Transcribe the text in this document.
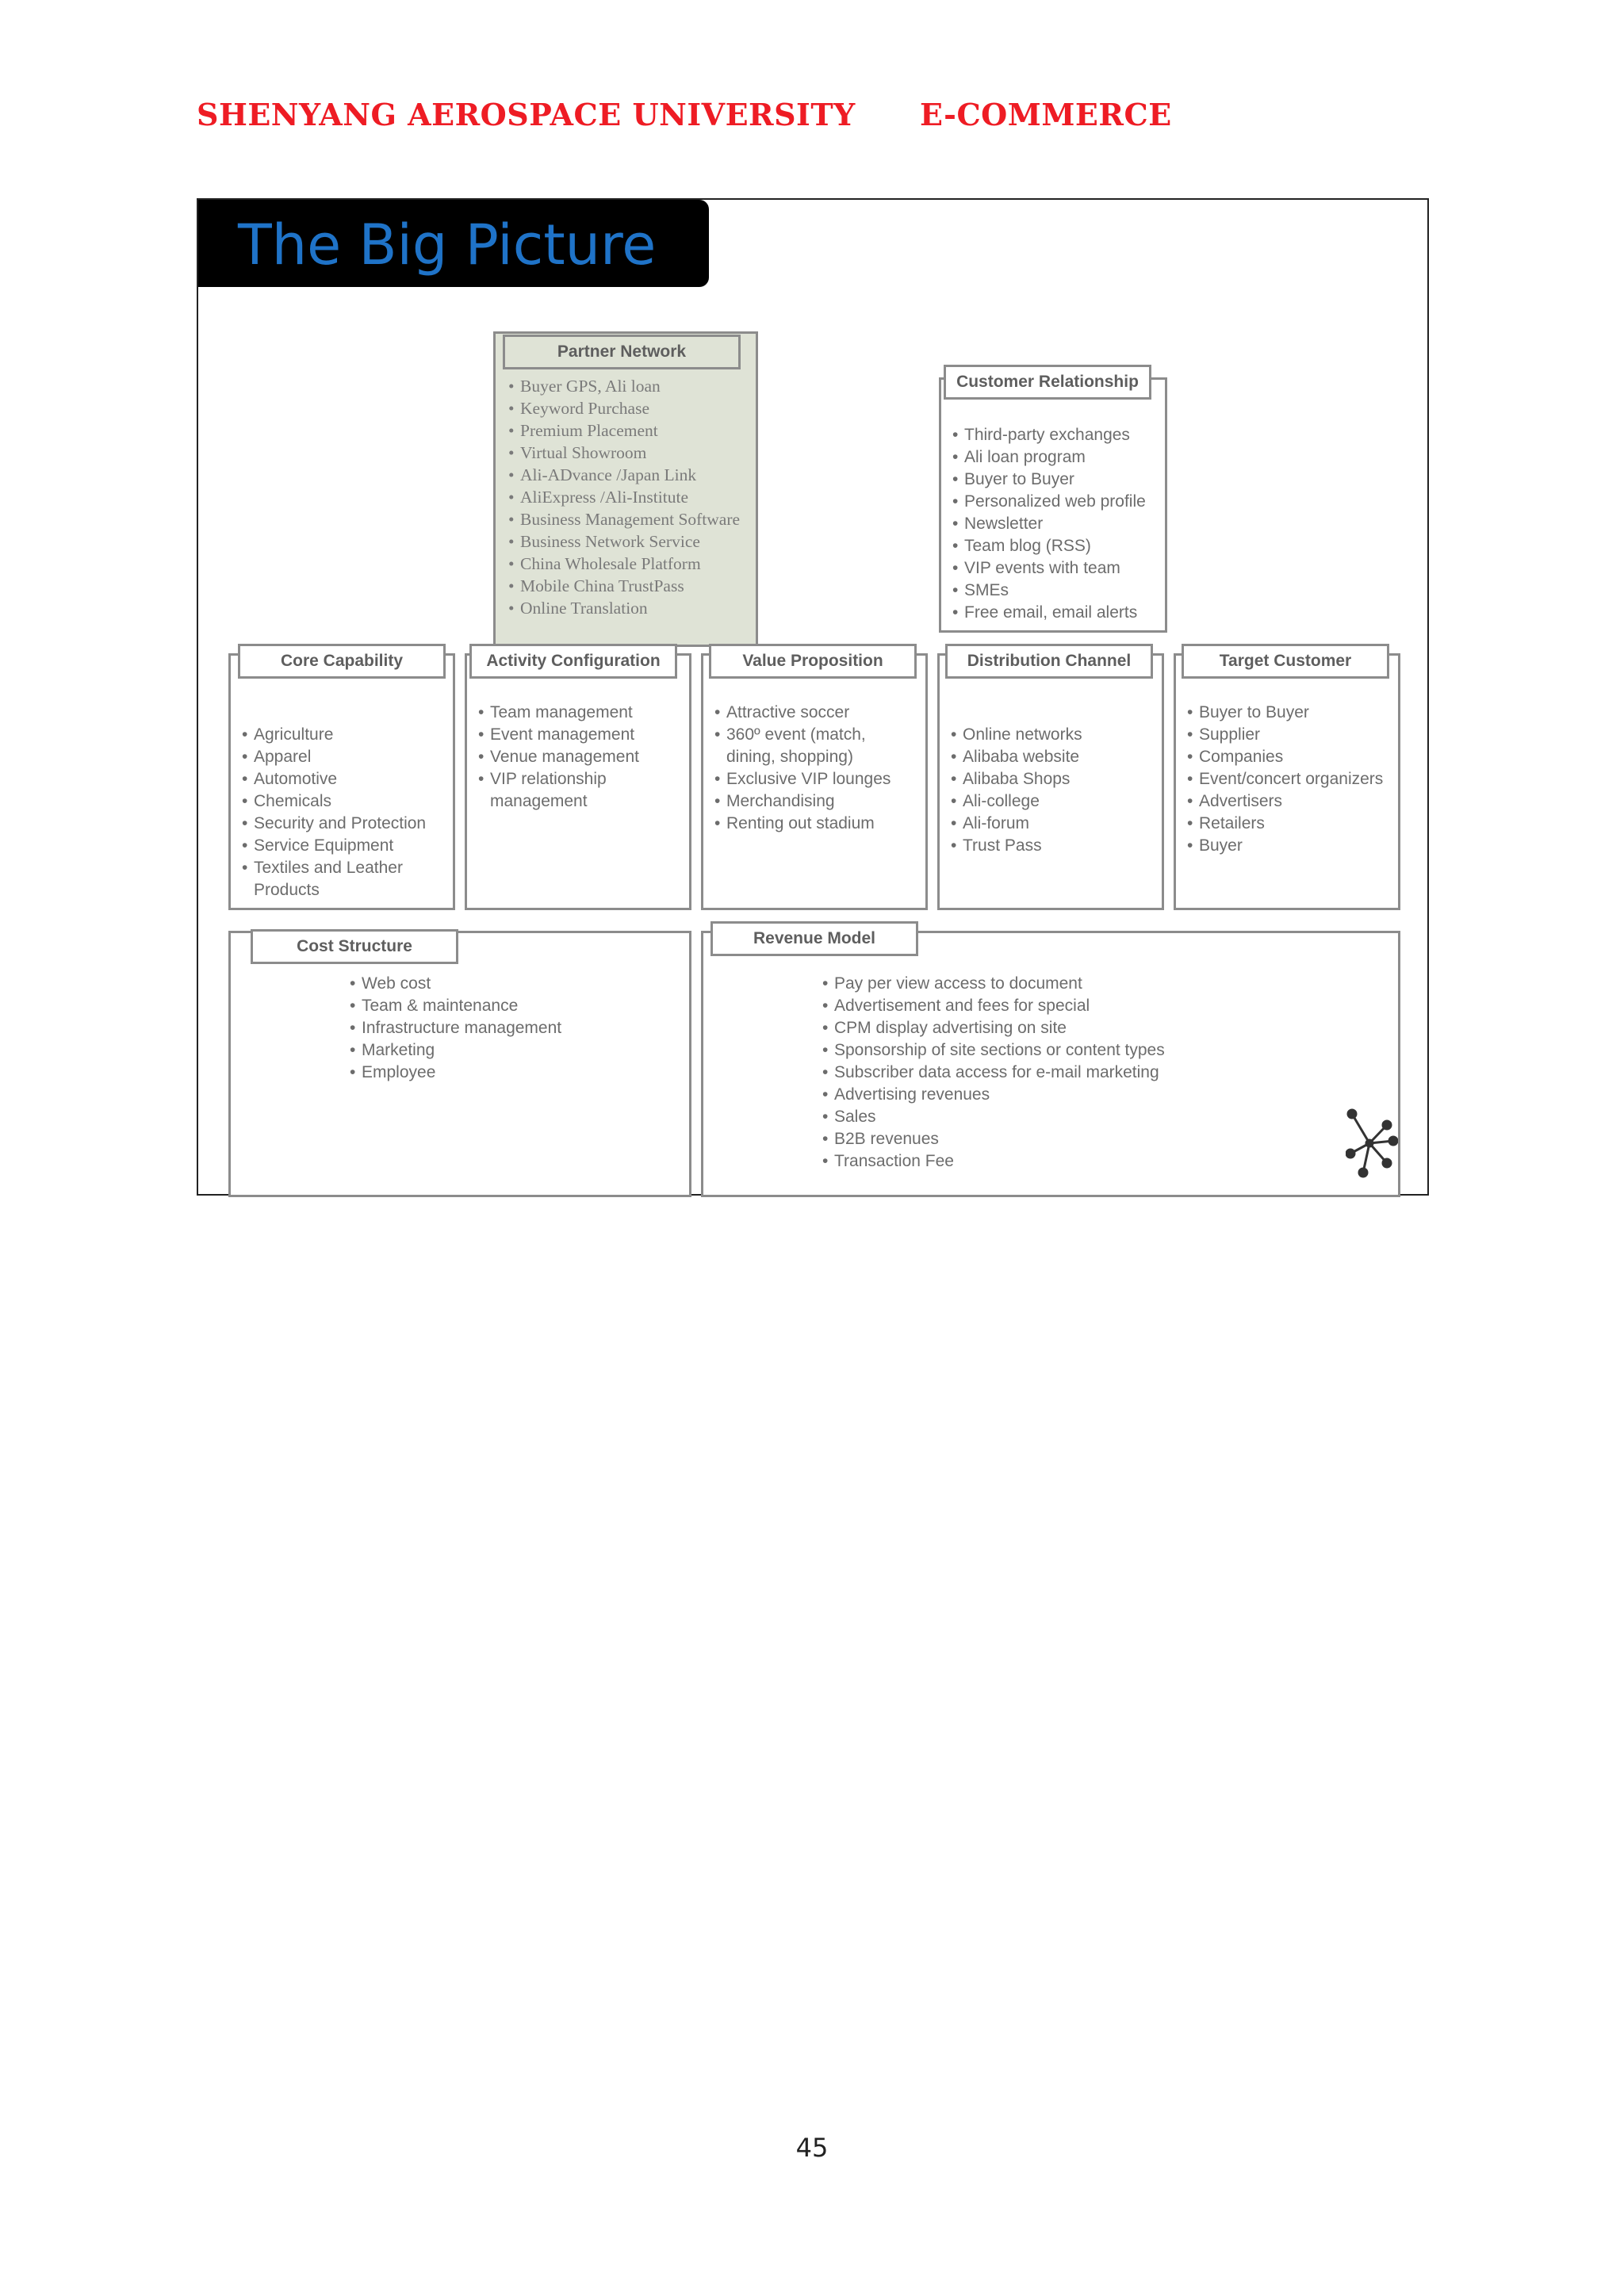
SHENYANG AEROSPACE UNIVERSITY E-COMMERCE
The Big Picture
• Buyer GPS, Ali loan
• Keyword Purchase
• Premium Placement
• Virtual Showroom
• Ali-ADvance /Japan Link
• AliExpress /Ali-Institute
• Business Management Software
• Business Network Service
• China Wholesale Platform
• Mobile China TrustPass
• Online Translation
Partner Network
• Third-party exchanges
• Ali loan program
• Buyer to Buyer
• Personalized web profile
• Newsletter
• Team blog (RSS)
• VIP events with team
• SMEs
• Free email, email alerts
Customer Relationship
• Agriculture
• Apparel
• Automotive
• Chemicals
• Security and Protection
• Service Equipment
• Textiles and Leather
Products
Core Capability
• Team management
• Event management
• Venue management
• VIP relationship
management
Activity Configuration
• Attractive soccer
• 360º event (match,
dining, shopping)
• Exclusive VIP lounges
• Merchandising
• Renting out stadium
Value Proposition
• Online networks
• Alibaba website
• Alibaba Shops
• Ali-college
• Ali-forum
• Trust Pass
Distribution Channel
• Buyer to Buyer
• Supplier
• Companies
• Event/concert organizers
• Advertisers
• Retailers
• Buyer
Target Customer
• Web cost
• Team & maintenance
• Infrastructure management
• Marketing
• Employee
Cost Structure
• Pay per view access to document
• Advertisement and fees for special
• CPM display advertising on site
• Sponsorship of site sections or content types
• Subscriber data access for e-mail marketing
• Advertising revenues
• Sales
• B2B revenues
• Transaction Fee
Revenue Model
45
